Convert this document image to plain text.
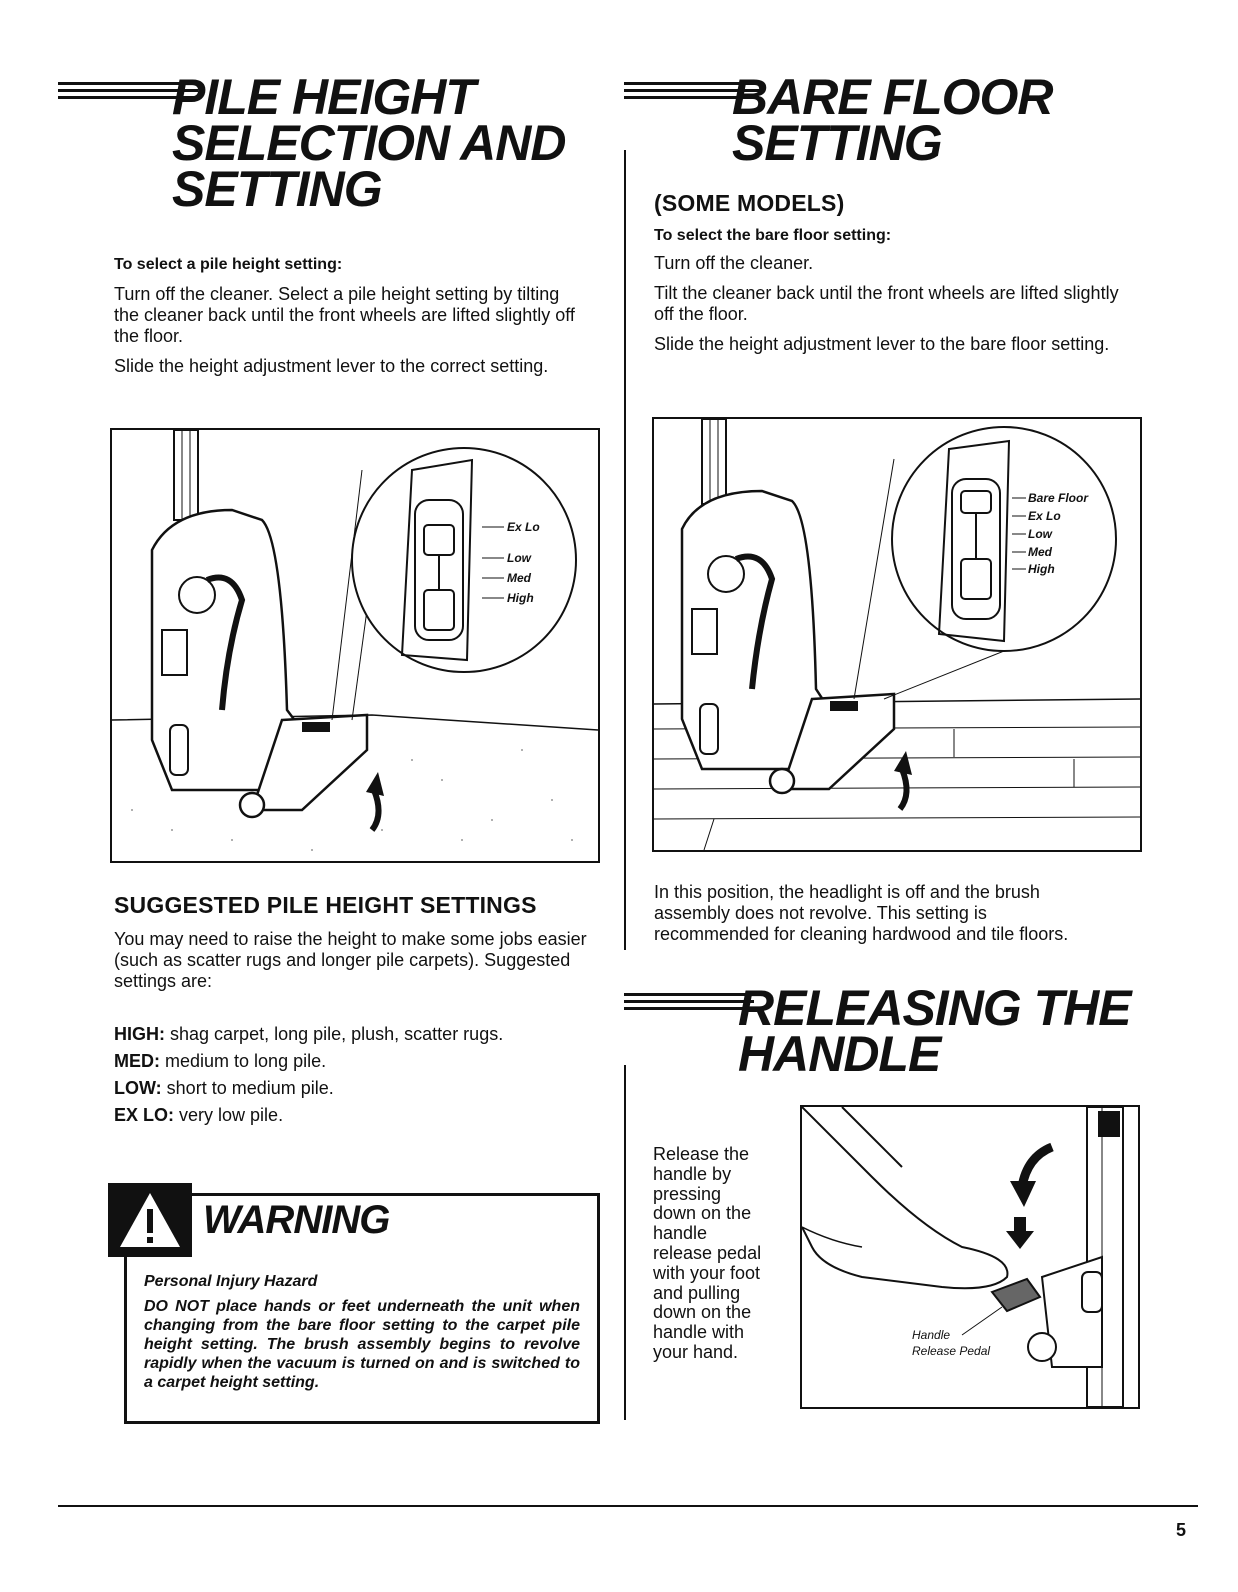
PILE HEIGHT
SELECTION AND
SETTING
To select a pile height setting:

Turn off the cleaner. Select a pile height setting by tilting the cleaner back until the front wheels are lifted slightly off the floor.

Slide the height adjustment lever to the correct setting.

Ex Lo
Low
Med
High
SUGGESTED PILE HEIGHT SETTINGS

You may need to raise the height to make some jobs easier (such as scatter rugs and longer pile carpets). Suggested settings are:

HIGH: shag carpet, long pile, plush, scatter rugs.

MED: medium to long pile.

LOW: short to medium pile.

EX LO: very low pile.

WARNING

Personal Injury Hazard

DO NOT place hands or feet underneath the unit when changing from the bare floor setting to the carpet pile height setting. The brush assembly begins to revolve rapidly when the vacuum is turned on and is switched to a carpet height setting.

BARE FLOOR
SETTING
(SOME MODELS)
To select the bare floor setting:

Turn off the cleaner.

Tilt the cleaner back until the front wheels are lifted slightly off the floor.

Slide the height adjustment lever to the bare floor setting.

Bare Floor
Ex Lo
Low
Med
High

In this position, the headlight is off and the brush assembly does not revolve. This setting is recommended for cleaning hardwood and tile floors.

RELEASING THE
HANDLE
Release the
handle by
pressing
down on the
handle
release pedal
with your foot
and pulling
down on the
handle with
your hand.
Handle
Release Pedal
5
